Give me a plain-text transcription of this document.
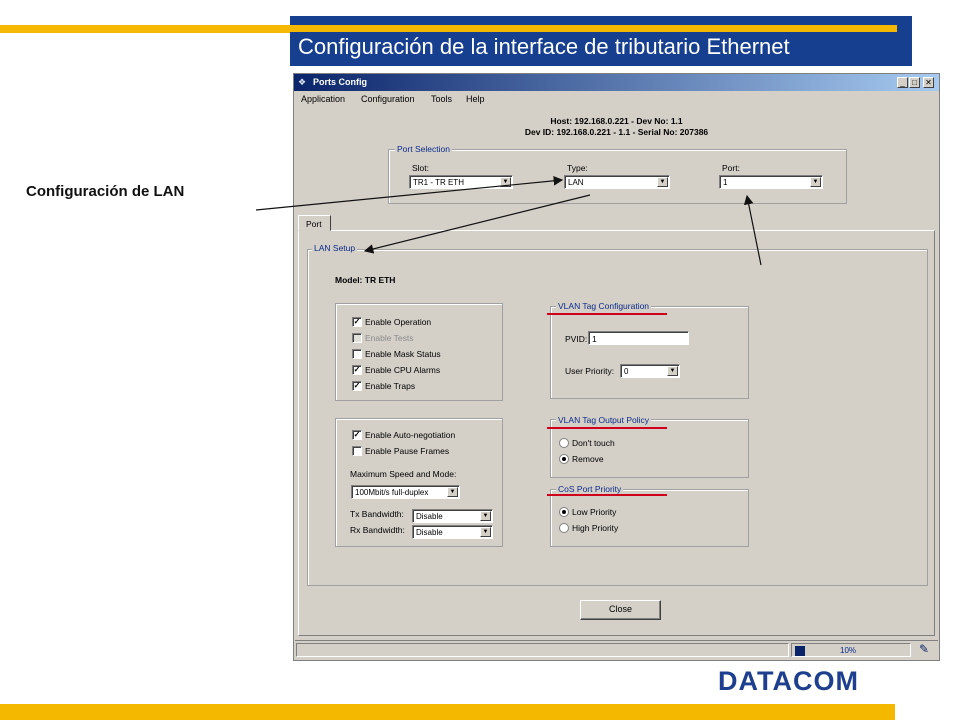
Configuración de la interface de tributario Ethernet
Configuración de LAN
❖ Ports Config	_ □	✕
Application Configuration Tools Help
Host: 192.168.0.221 - Dev No: 1.1
Dev ID: 192.168.0.221 - 1.1 - Serial No: 207386
Port Selection
Slot:
TR1 - TR ETH	▼
Type:
LAN	▼
Port:
1	▼
Port
LAN Setup
Model: TR ETH
✓ Enable Operation
Enable Tests
Enable Mask Status
✓ Enable CPU Alarms
✓ Enable Traps
✓ Enable Auto-negotiation
Enable Pause Frames
Maximum Speed and Mode:
100Mbit/s full-duplex	▼
Tx Bandwidth: Disable	▼
Rx Bandwidth: Disable	▼
VLAN Tag Configuration
PVID: 1
User Priority: 0	▼
VLAN Tag Output Policy
Don't touch
Remove
CoS Port Priority
Low Priority
High Priority
Close
10%	✎
DATACOM
